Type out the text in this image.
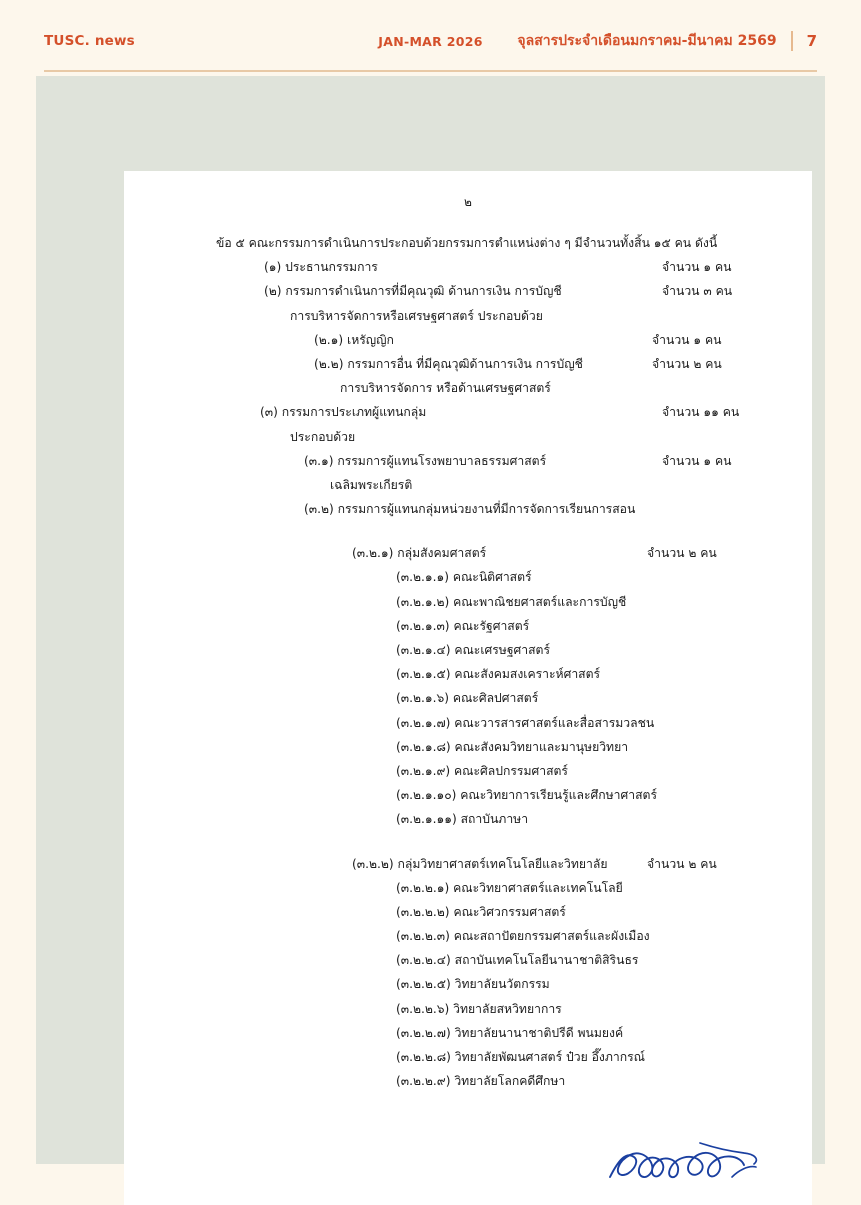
TUSC. news	JAN-MAR 2026 จุลสารประจำเดือนมกราคม-มีนาคม 2569 7
๒
ข้อ ๕ คณะกรรมการดำเนินการประกอบด้วยกรรมการตำแหน่งต่าง ๆ มีจำนวนทั้งสิ้น ๑๕ คน ดังนี้
(๑) ประธานกรรมการ	จำนวน ๑ คน
(๒) กรรมการดำเนินการที่มีคุณวุฒิ ด้านการเงิน การบัญชี	จำนวน ๓ คน
การบริหารจัดการหรือเศรษฐศาสตร์ ประกอบด้วย
(๒.๑) เหรัญญิก	จำนวน ๑ คน
(๒.๒) กรรมการอื่น ที่มีคุณวุฒิด้านการเงิน การบัญชี	จำนวน ๒ คน
การบริหารจัดการ หรือด้านเศรษฐศาสตร์
(๓) กรรมการประเภทผู้แทนกลุ่ม	จำนวน ๑๑ คน
ประกอบด้วย
(๓.๑) กรรมการผู้แทนโรงพยาบาลธรรมศาสตร์	จำนวน ๑ คน
เฉลิมพระเกียรติ
(๓.๒) กรรมการผู้แทนกลุ่มหน่วยงานที่มีการจัดการเรียนการสอน
(๓.๒.๑) กลุ่มสังคมศาสตร์	จำนวน ๒ คน
(๓.๒.๑.๑) คณะนิติศาสตร์
(๓.๒.๑.๒) คณะพาณิชยศาสตร์และการบัญชี
(๓.๒.๑.๓) คณะรัฐศาสตร์
(๓.๒.๑.๔) คณะเศรษฐศาสตร์
(๓.๒.๑.๕) คณะสังคมสงเคราะห์ศาสตร์
(๓.๒.๑.๖) คณะศิลปศาสตร์
(๓.๒.๑.๗) คณะวารสารศาสตร์และสื่อสารมวลชน
(๓.๒.๑.๘) คณะสังคมวิทยาและมานุษยวิทยา
(๓.๒.๑.๙) คณะศิลปกรรมศาสตร์
(๓.๒.๑.๑๐) คณะวิทยาการเรียนรู้และศึกษาศาสตร์
(๓.๒.๑.๑๑) สถาบันภาษา
(๓.๒.๒) กลุ่มวิทยาศาสตร์เทคโนโลยีและวิทยาลัย	จำนวน ๒ คน
(๓.๒.๒.๑) คณะวิทยาศาสตร์และเทคโนโลยี
(๓.๒.๒.๒) คณะวิศวกรรมศาสตร์
(๓.๒.๒.๓) คณะสถาปัตยกรรมศาสตร์และผังเมือง
(๓.๒.๒.๔) สถาบันเทคโนโลยีนานาชาติสิรินธร
(๓.๒.๒.๕) วิทยาลัยนวัตกรรม
(๓.๒.๒.๖) วิทยาลัยสหวิทยาการ
(๓.๒.๒.๗) วิทยาลัยนานาชาติปรีดี พนมยงค์
(๓.๒.๒.๘) วิทยาลัยพัฒนศาสตร์ ป๋วย อึ๊งภากรณ์
(๓.๒.๒.๙) วิทยาลัยโลกคดีศึกษา
